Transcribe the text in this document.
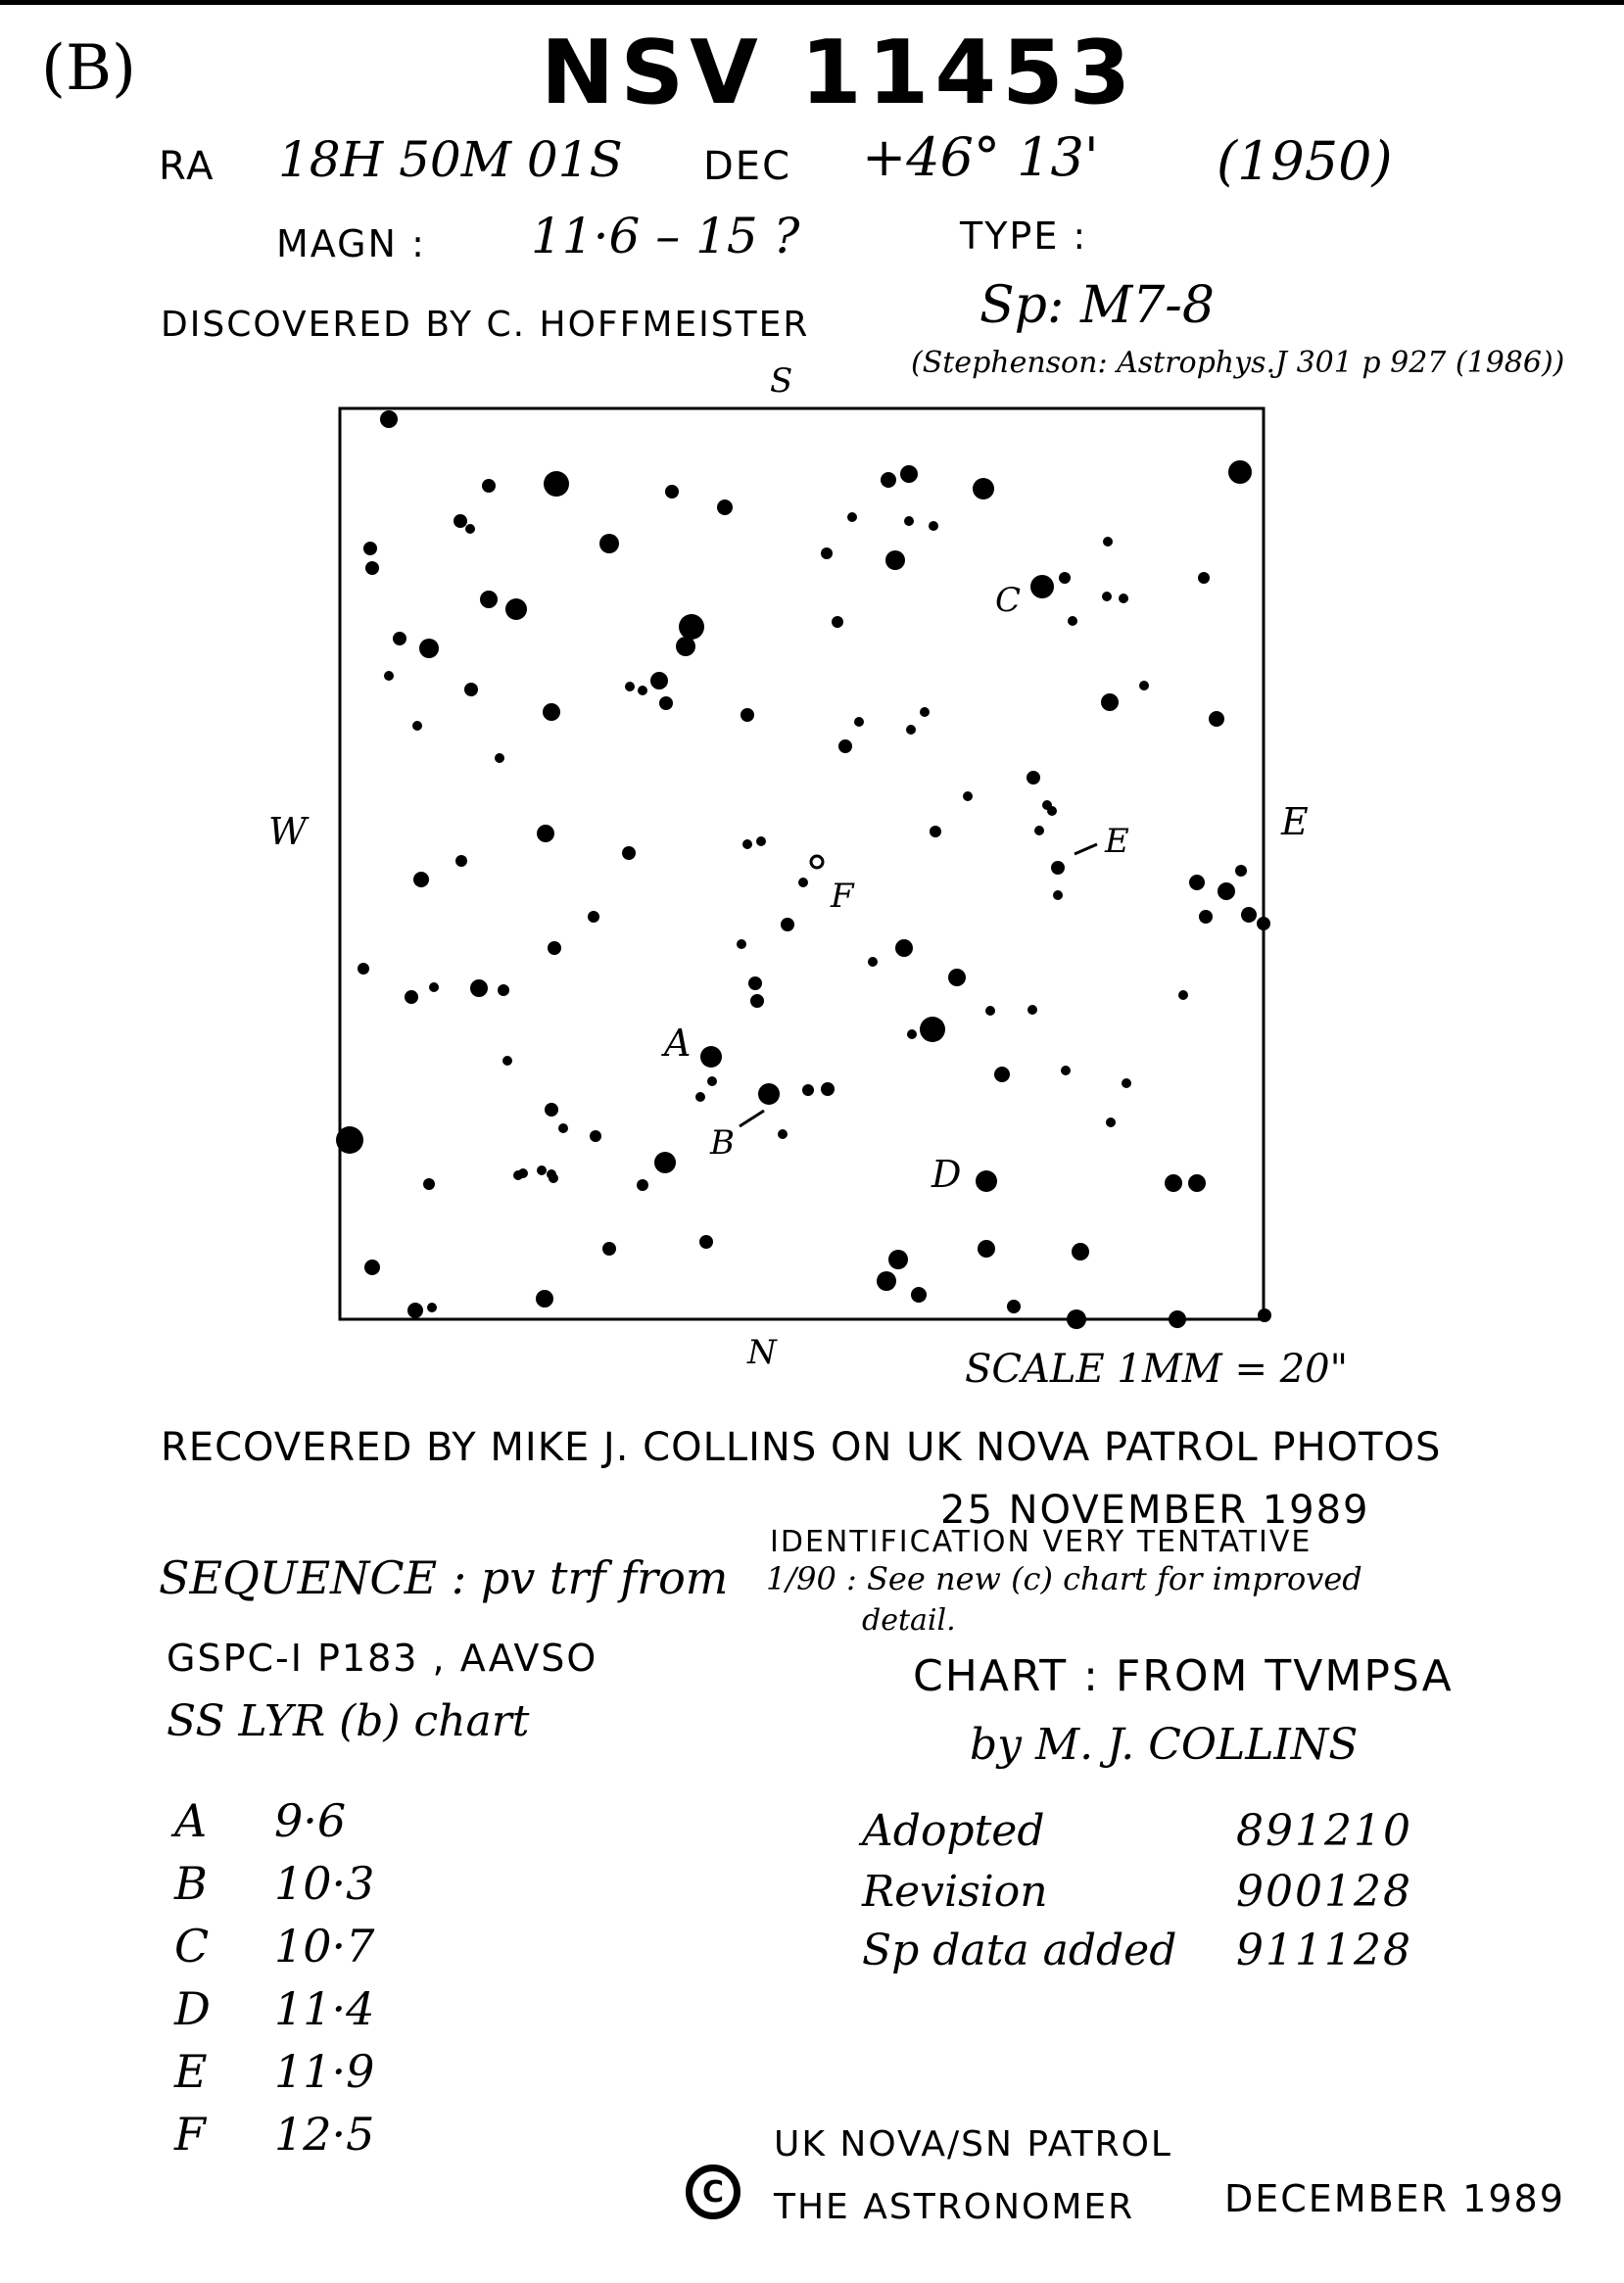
(B)	NSV 11453
RA 18H 50M 01S DEC +46° 13' (1950)
MAGN : 11·6 – 15 ?	TYPE :
DISCOVERED BY C. HOFFMEISTER	Sp: M7-8
(Stephenson: Astrophys.J 301 p 927 (1986))
S
N
W	E
A
B
C
D
E
F
SCALE 1MM = 20"
RECOVERED BY MIKE J. COLLINS ON UK NOVA PATROL PHOTOS
25 NOVEMBER 1989
IDENTIFICATION VERY TENTATIVE
1/90 : See new (c) chart for improved
detail.
SEQUENCE : pv trf from
GSPC-I P183 , AAVSO
SS LYR (b) chart
CHART : FROM TVMPSA
by M. J. COLLINS
A 9·6
B 10·3
C 10·7
D 11·4
E 11·9
F 12·5
Adopted	891210
Revision	900128
Sp data added 911128
C
UK NOVA/SN PATROL
THE ASTRONOMER DECEMBER 1989
